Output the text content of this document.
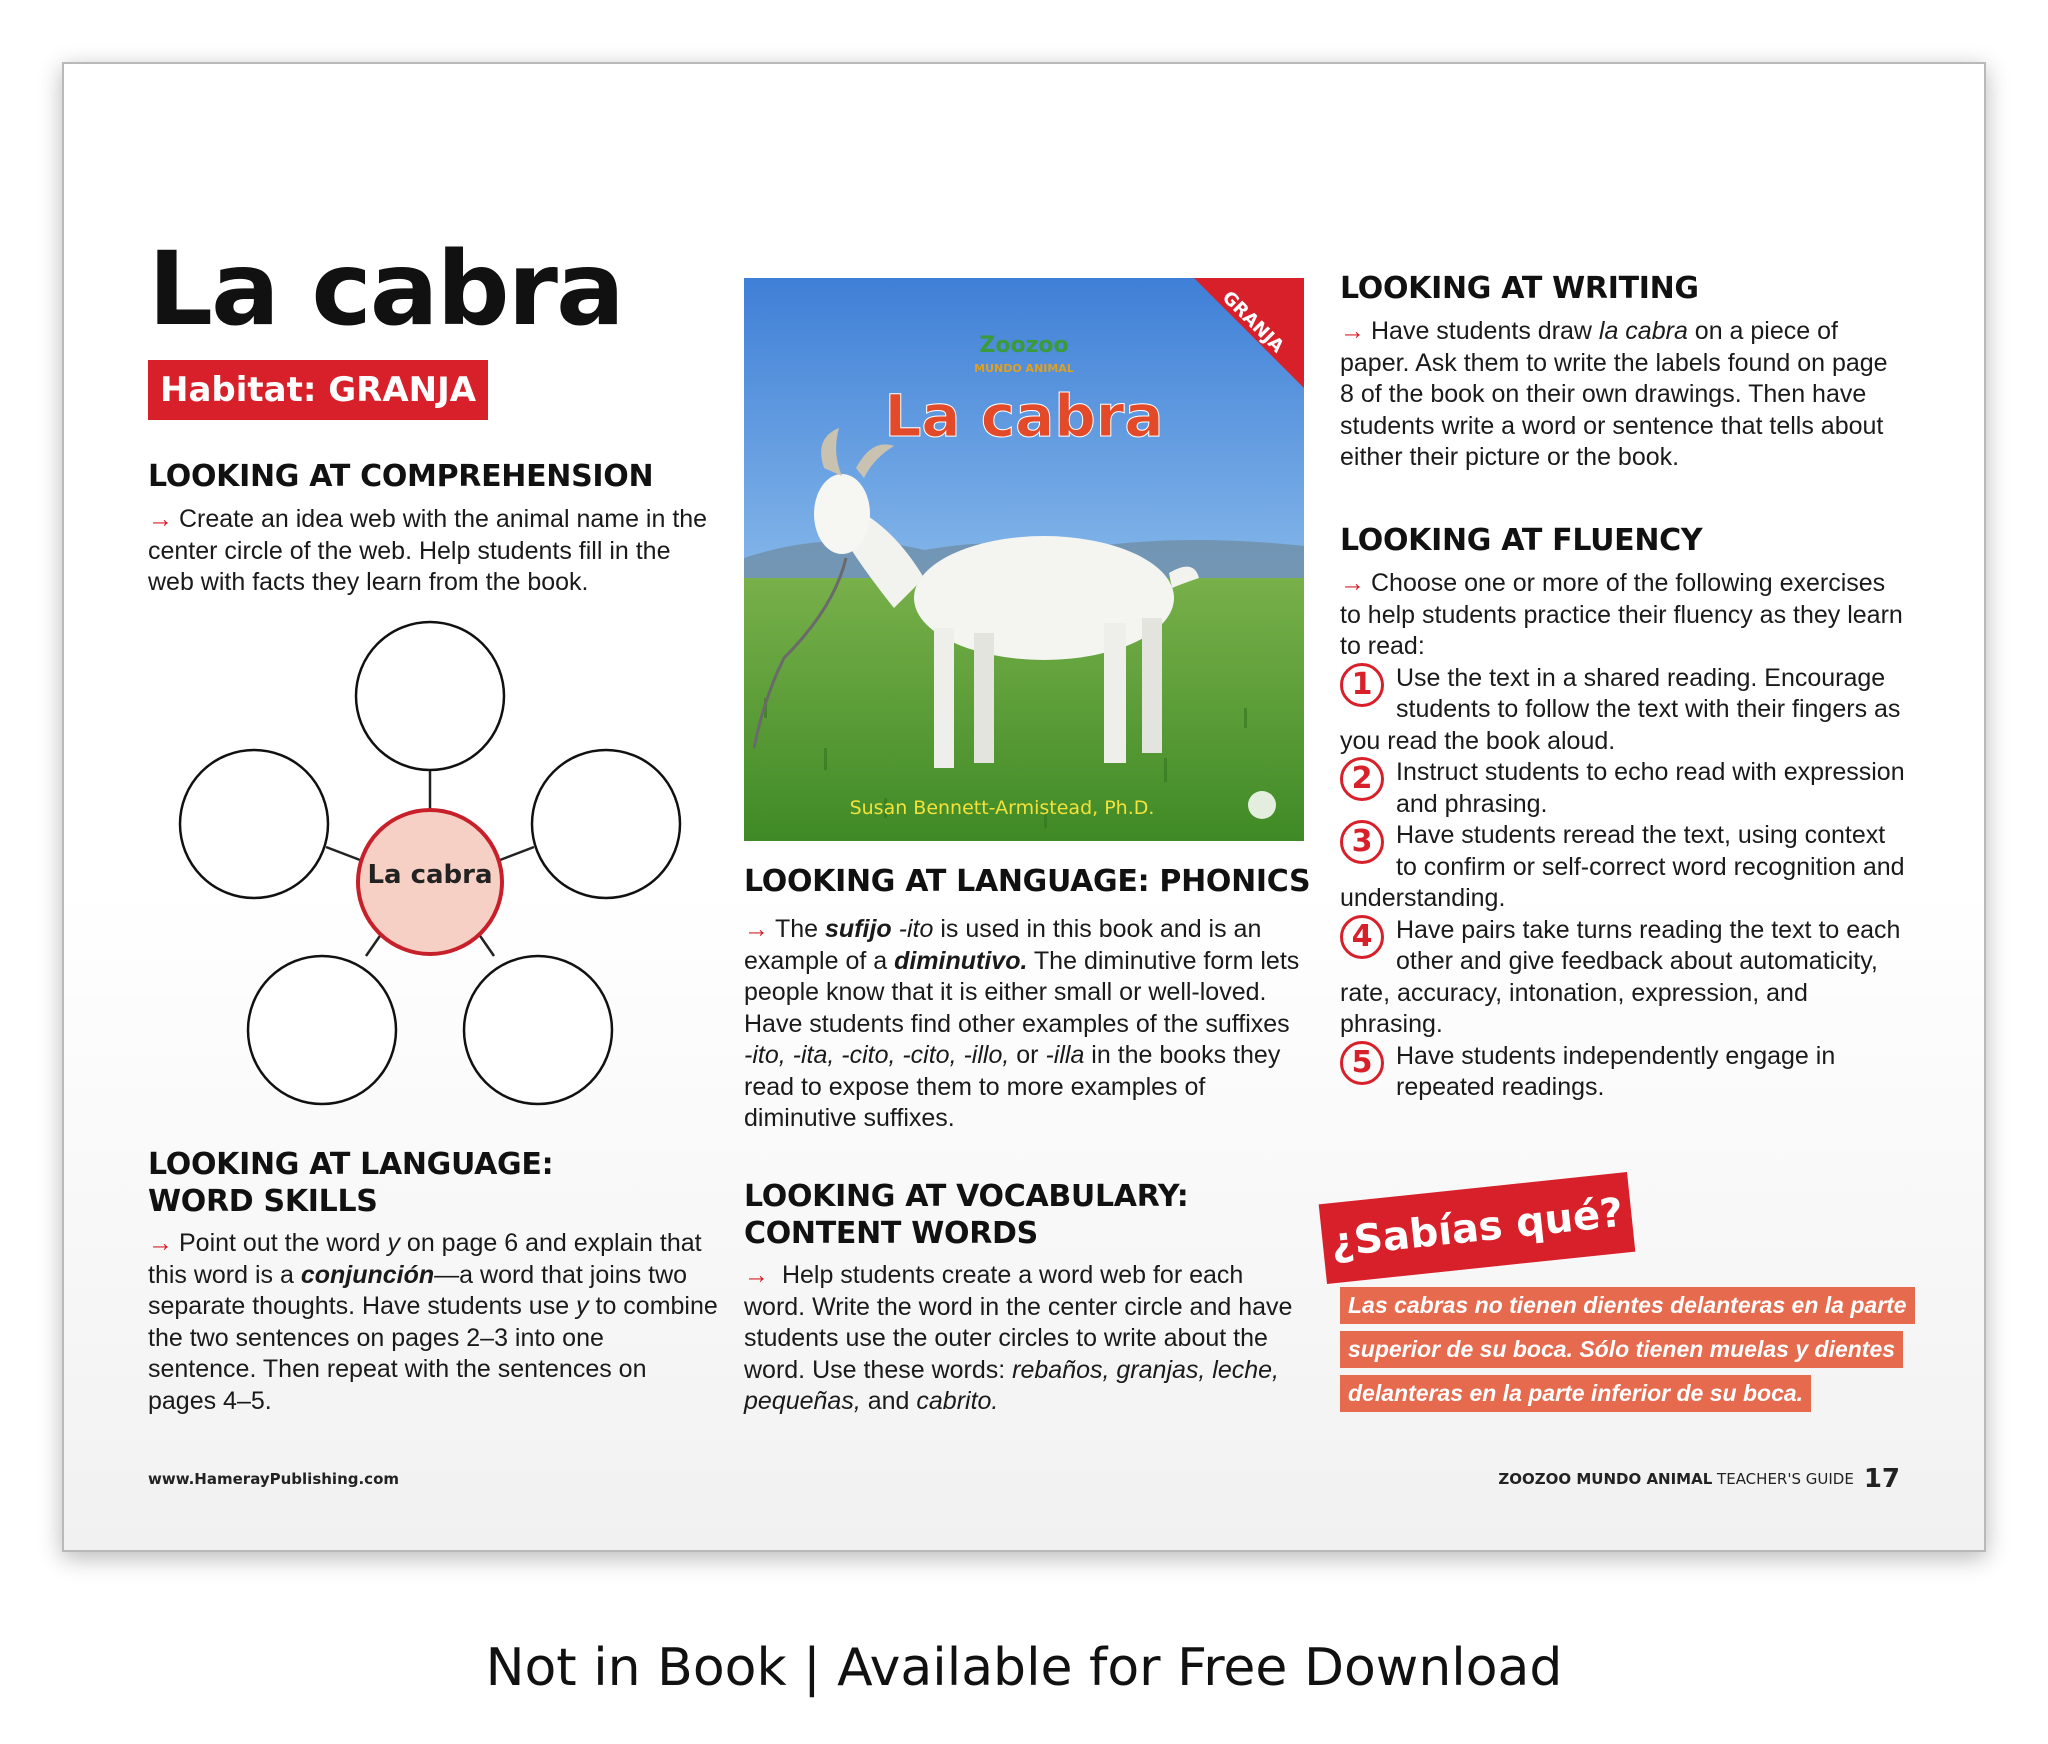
La cabra
Habitat: GRANJA
LOOKING AT COMPREHENSION
→ Create an idea web with the animal name in the center circle of the web. Help students fill in the web with facts they learn from the book.
La cabra
LOOKING AT LANGUAGE:
WORD SKILLS
→ Point out the word y on page 6 and explain that this word is a conjunción—a word that joins two separate thoughts. Have students use y to combine the two sentences on pages 2–3 into one sentence. Then repeat with the sentences on pages 4–5.
GRANJA
Zoozoo
MUNDO ANIMAL
La cabra
Susan Bennett-Armistead, Ph.D.
LOOKING AT LANGUAGE: PHONICS
→ The sufijo -ito is used in this book and is an example of a diminutivo. The diminutive form lets people know that it is either small or well-loved. Have students find other examples of the suffixes -ito, -ita, -cito, -cito, -illo, or -illa in the books they read to expose them to more examples of diminutive suffixes.
LOOKING AT VOCABULARY:
CONTENT WORDS
→ Help students create a word web for each word. Write the word in the center circle and have students use the outer circles to write about the word. Use these words: rebaños, granjas, leche, pequeñas, and cabrito.
LOOKING AT WRITING
→ Have students draw la cabra on a piece of paper. Ask them to write the labels found on page 8 of the book on their own drawings. Then have students write a word or sentence that tells about either their picture or the book.
LOOKING AT FLUENCY
→ Choose one or more of the following exercises to help students practice their fluency as they learn to read:
1 Use the text in a shared reading. Encourage students to follow the text with their fingers as you read the book aloud.
2 Instruct students to echo read with expression and phrasing.
3 Have students reread the text, using context to confirm or self-correct word recognition and understanding.
4 Have pairs take turns reading the text to each other and give feedback about automaticity, rate, accuracy, intonation, expression, and phrasing.
5 Have students independently engage in repeated readings.
¿Sabías qué?
Las cabras no tienen dientes delanteras en la parte
superior de su boca. Sólo tienen muelas y dientes
delanteras en la parte inferior de su boca.
www.HamerayPublishing.com	ZOOZOO MUNDO ANIMAL TEACHER'S GUIDE 17
Not in Book | Available for Free Download
